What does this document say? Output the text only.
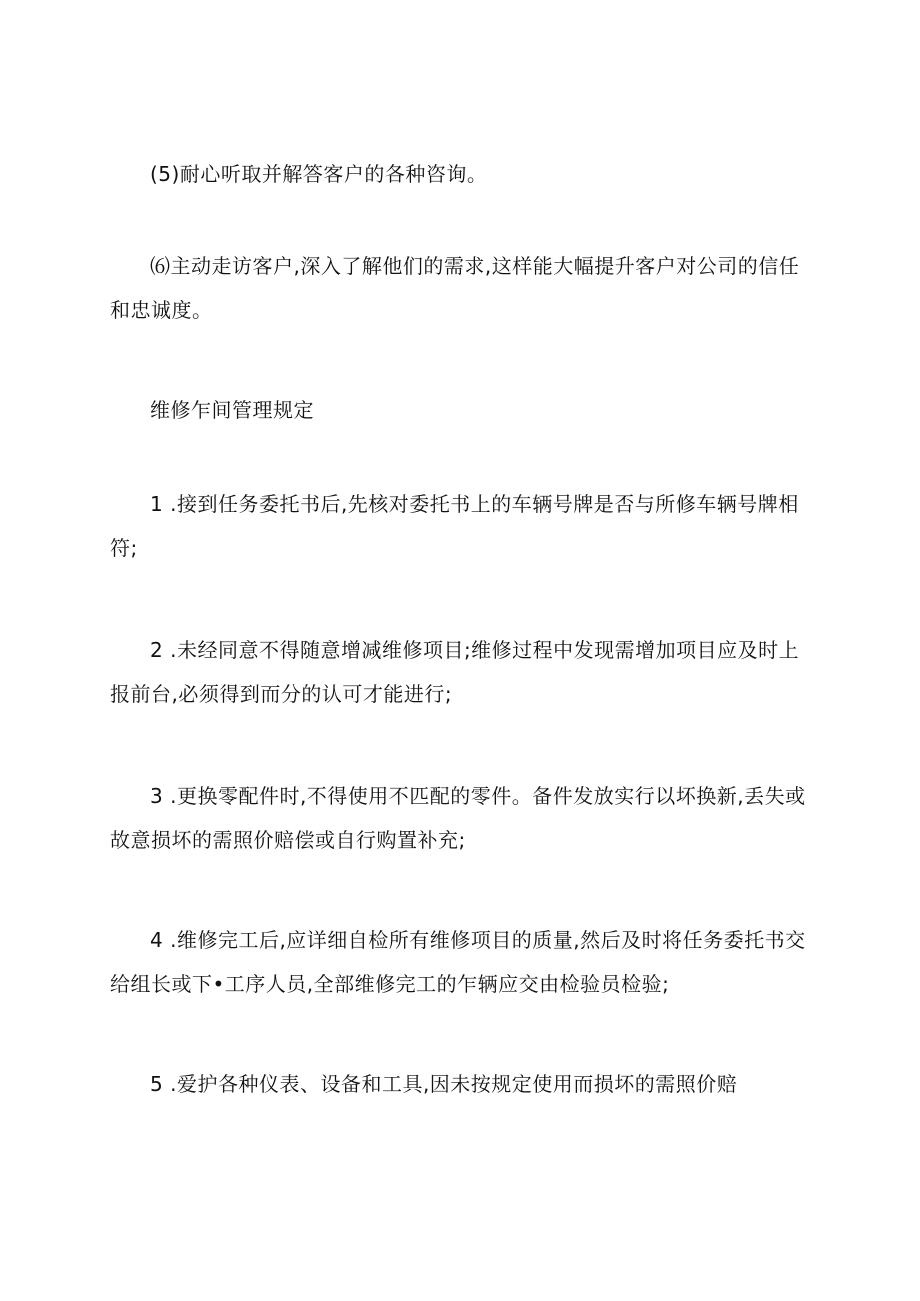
(5)耐心听取并解答客户的各种咨询。

⑹主动走访客户,深入了解他们的需求,这样能大幅提升客户对公司的信任和忠诚度。

维修乍间管理规定

1 .接到任务委托书后,先核对委托书上的车辆号牌是否与所修车辆号牌相符;

2 .未经同意不得随意增减维修项目;维修过程中发现需增加项目应及时上报前台,必须得到而分的认可才能进行;

3 .更换零配件时,不得使用不匹配的零件。备件发放实行以坏换新,丢失或故意损坏的需照价赔偿或自行购置补充;

4 .维修完工后,应详细自检所有维修项目的质量,然后及时将任务委托书交给组长或下•工序人员,全部维修完工的乍辆应交由检验员检验;

5 .爱护各种仪表、设备和工具,因未按规定使用而损坏的需照价赔
